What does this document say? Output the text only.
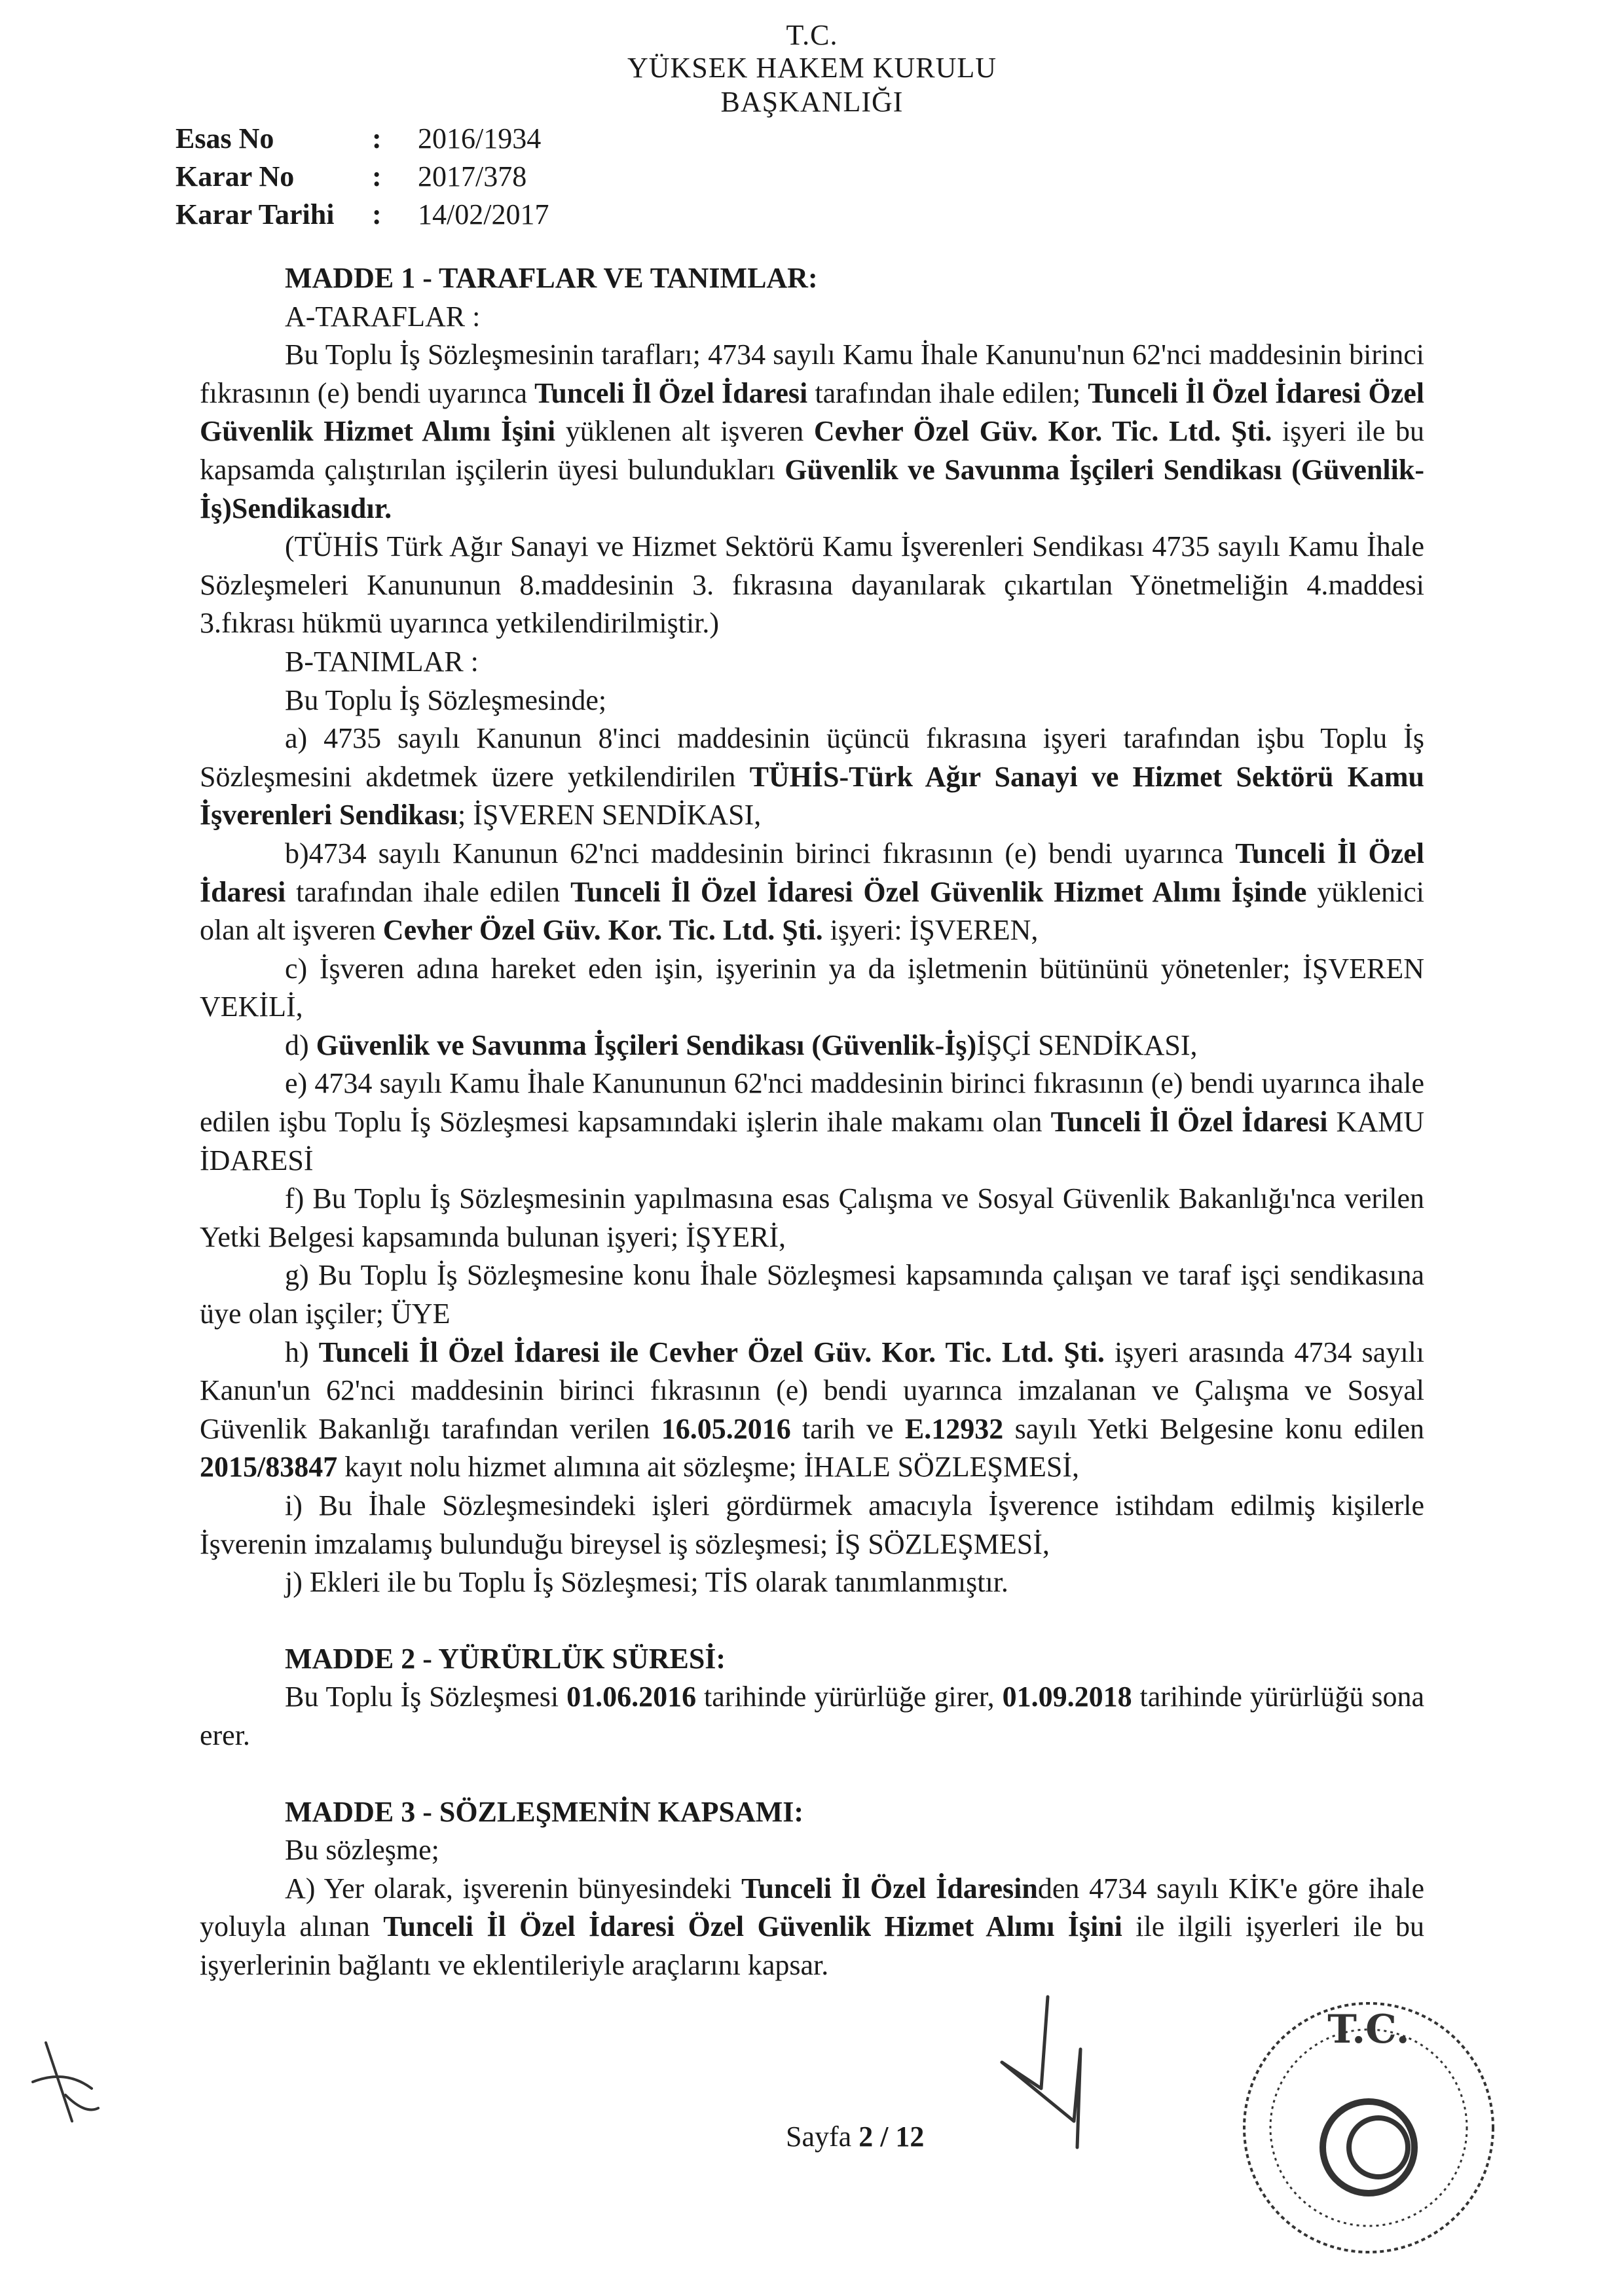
T.C.
YÜKSEK HAKEM KURULU
BAŞKANLIĞI
Esas No	:	2016/1934
Karar No	:	2017/378
Karar Tarihi	:	14/02/2017

MADDE 1 - TARAFLAR VE TANIMLAR:

A-TARAFLAR :

Bu Toplu İş Sözleşmesinin tarafları; 4734 sayılı Kamu İhale Kanunu'nun 62'nci maddesinin birinci fıkrasının (e) bendi uyarınca Tunceli İl Özel İdaresi tarafından ihale edilen; Tunceli İl Özel İdaresi Özel Güvenlik Hizmet Alımı İşini yüklenen alt işveren Cevher Özel Güv. Kor. Tic. Ltd. Şti. işyeri ile bu kapsamda çalıştırılan işçilerin üyesi bulundukları Güvenlik ve Savunma İşçileri Sendikası (Güvenlik-İş)Sendikasıdır.

(TÜHİS Türk Ağır Sanayi ve Hizmet Sektörü Kamu İşverenleri Sendikası 4735 sayılı Kamu İhale Sözleşmeleri Kanununun 8.maddesinin 3. fıkrasına dayanılarak çıkartılan Yönetmeliğin 4.maddesi 3.fıkrası hükmü uyarınca yetkilendirilmiştir.)

B-TANIMLAR :

Bu Toplu İş Sözleşmesinde;

a) 4735 sayılı Kanunun 8'inci maddesinin üçüncü fıkrasına işyeri tarafından işbu Toplu İş Sözleşmesini akdetmek üzere yetkilendirilen TÜHİS-Türk Ağır Sanayi ve Hizmet Sektörü Kamu İşverenleri Sendikası; İŞVEREN SENDİKASI,

b)4734 sayılı Kanunun 62'nci maddesinin birinci fıkrasının (e) bendi uyarınca Tunceli İl Özel İdaresi tarafından ihale edilen Tunceli İl Özel İdaresi Özel Güvenlik Hizmet Alımı İşinde yüklenici olan alt işveren Cevher Özel Güv. Kor. Tic. Ltd. Şti. işyeri: İŞVEREN,

c) İşveren adına hareket eden işin, işyerinin ya da işletmenin bütününü yönetenler; İŞVEREN VEKİLİ,

d) Güvenlik ve Savunma İşçileri Sendikası (Güvenlik-İş)İŞÇİ SENDİKASI,

e) 4734 sayılı Kamu İhale Kanununun 62'nci maddesinin birinci fıkrasının (e) bendi uyarınca ihale edilen işbu Toplu İş Sözleşmesi kapsamındaki işlerin ihale makamı olan Tunceli İl Özel İdaresi KAMU İDARESİ

f) Bu Toplu İş Sözleşmesinin yapılmasına esas Çalışma ve Sosyal Güvenlik Bakanlığı'nca verilen Yetki Belgesi kapsamında bulunan işyeri; İŞYERİ,

g) Bu Toplu İş Sözleşmesine konu İhale Sözleşmesi kapsamında çalışan ve taraf işçi sendikasına üye olan işçiler; ÜYE

h) Tunceli İl Özel İdaresi ile Cevher Özel Güv. Kor. Tic. Ltd. Şti. işyeri arasında 4734 sayılı Kanun'un 62'nci maddesinin birinci fıkrasının (e) bendi uyarınca imzalanan ve Çalışma ve Sosyal Güvenlik Bakanlığı tarafından verilen 16.05.2016 tarih ve E.12932 sayılı Yetki Belgesine konu edilen 2015/83847 kayıt nolu hizmet alımına ait sözleşme; İHALE SÖZLEŞMESİ,

i) Bu İhale Sözleşmesindeki işleri gördürmek amacıyla İşverence istihdam edilmiş kişilerle İşverenin imzalamış bulunduğu bireysel iş sözleşmesi; İŞ SÖZLEŞMESİ,

j) Ekleri ile bu Toplu İş Sözleşmesi; TİS olarak tanımlanmıştır.

MADDE 2 - YÜRÜRLÜK SÜRESİ:

Bu Toplu İş Sözleşmesi 01.06.2016 tarihinde yürürlüğe girer, 01.09.2018 tarihinde yürürlüğü sona erer.

MADDE 3 - SÖZLEŞMENİN KAPSAMI:

Bu sözleşme;

A) Yer olarak, işverenin bünyesindeki Tunceli İl Özel İdaresinden 4734 sayılı KİK'e göre ihale yoluyla alınan Tunceli İl Özel İdaresi Özel Güvenlik Hizmet Alımı İşini ile ilgili işyerleri ile bu işyerlerinin bağlantı ve eklentileriyle araçlarını kapsar.

Sayfa 2 / 12
T.C.
